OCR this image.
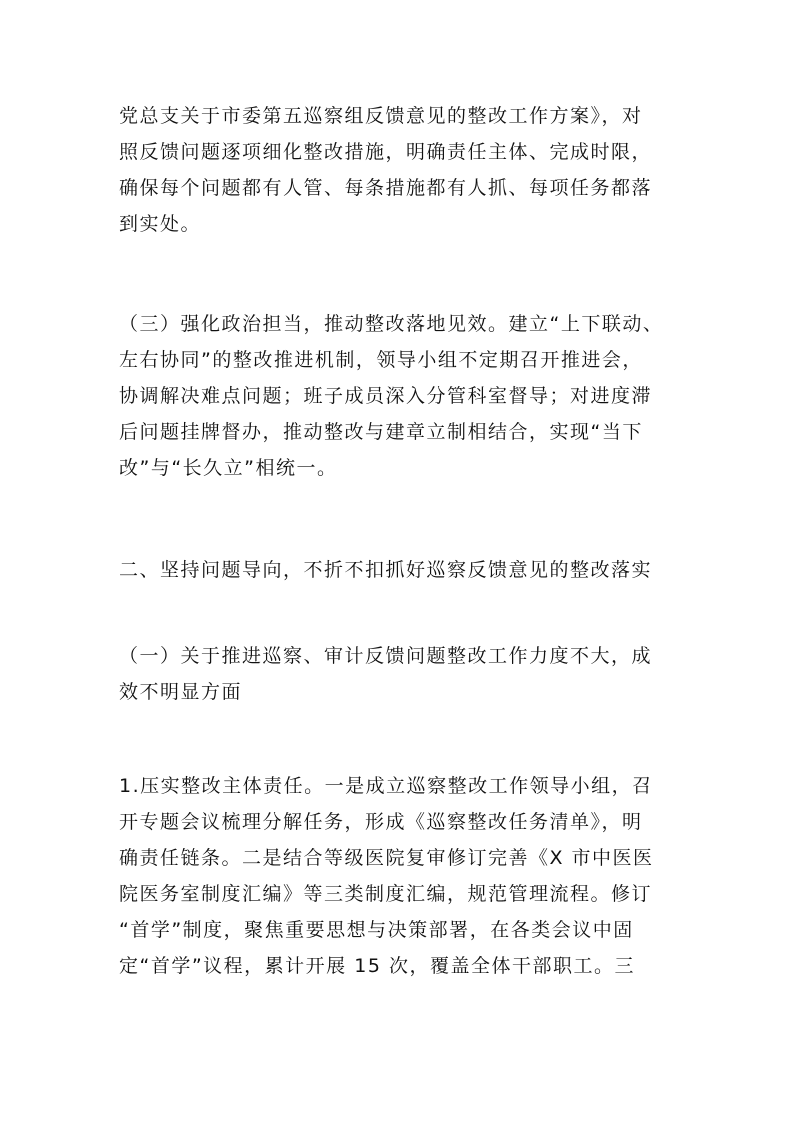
党总支关于市委第五巡察组反馈意见的整改工作方案》，对
照反馈问题逐项细化整改措施，明确责任主体、完成时限，
确保每个问题都有人管、每条措施都有人抓、每项任务都落
到实处。
（三）强化政治担当，推动整改落地见效。建立“上下联动、
左右协同”的整改推进机制，领导小组不定期召开推进会，
协调解决难点问题；班子成员深入分管科室督导；对进度滞
后问题挂牌督办，推动整改与建章立制相结合，实现“当下
改”与“长久立”相统一。
二、坚持问题导向，不折不扣抓好巡察反馈意见的整改落实
（一）关于推进巡察、审计反馈问题整改工作力度不大，成
效不明显方面
1.压实整改主体责任。一是成立巡察整改工作领导小组，召
开专题会议梳理分解任务，形成《巡察整改任务清单》，明
确责任链条。二是结合等级医院复审修订完善《X 市中医医
院医务室制度汇编》等三类制度汇编，规范管理流程。修订
“首学”制度，聚焦重要思想与决策部署，在各类会议中固
定“首学”议程，累计开展 15 次，覆盖全体干部职工。三
